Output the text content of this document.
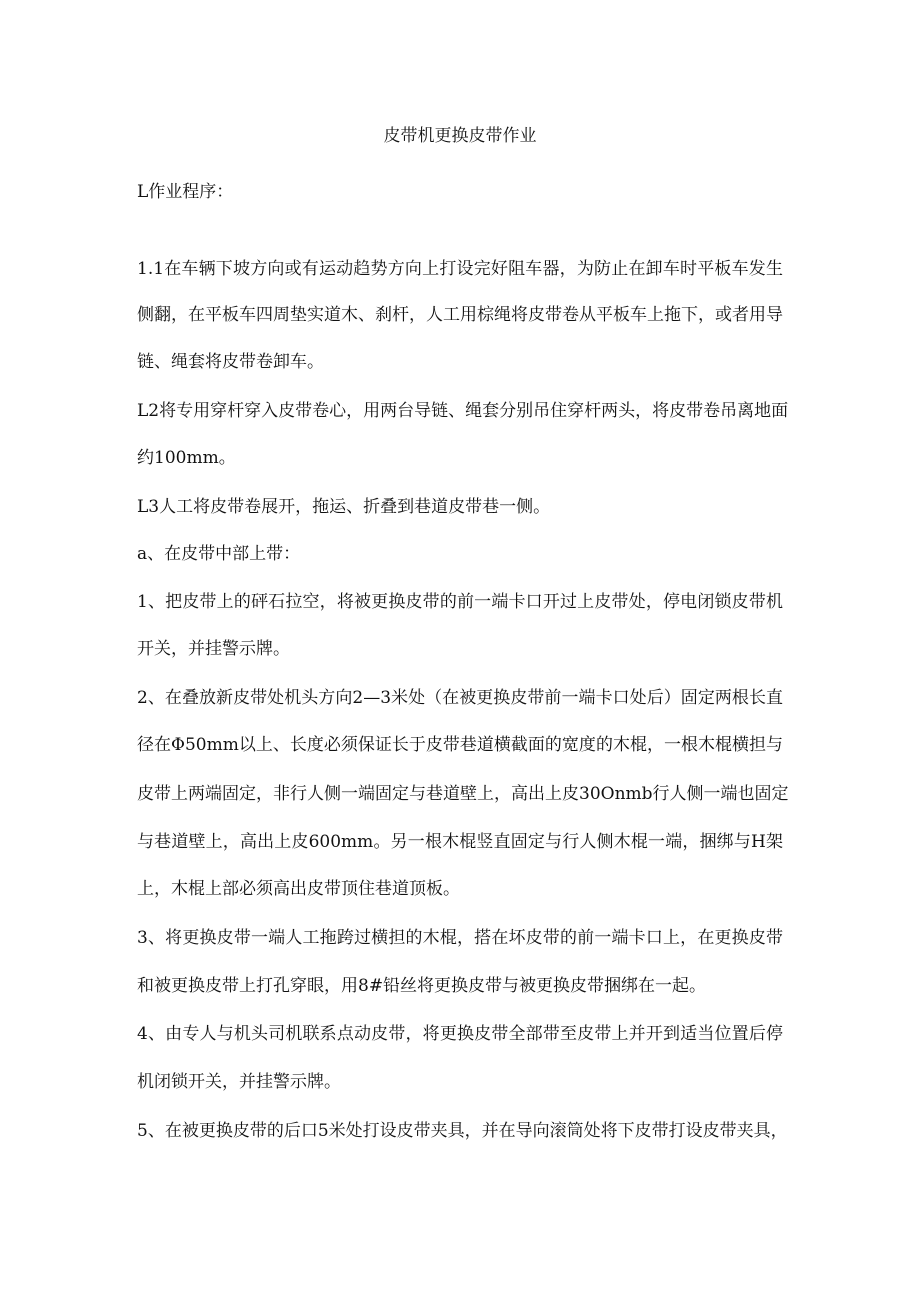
皮带机更换皮带作业
L作业程序：
1.1在车辆下坡方向或有运动趋势方向上打设完好阻车器，为防止在卸车时平板车发生
侧翻，在平板车四周垫实道木、刹杆，人工用棕绳将皮带卷从平板车上拖下，或者用导
链、绳套将皮带卷卸车。
L2将专用穿杆穿入皮带卷心，用两台导链、绳套分别吊住穿杆两头，将皮带卷吊离地面
约100mm。
L3人工将皮带卷展开，拖运、折叠到巷道皮带巷一侧。
a、在皮带中部上带：
1、把皮带上的砰石拉空，将被更换皮带的前一端卡口开过上皮带处，停电闭锁皮带机
开关，并挂警示牌。
2、在叠放新皮带处机头方向2—3米处（在被更换皮带前一端卡口处后）固定两根长直
径在Φ50mm以上、长度必须保证长于皮带巷道横截面的宽度的木棍，一根木棍横担与
皮带上两端固定，非行人侧一端固定与巷道壁上，高出上皮30Onmb行人侧一端也固定
与巷道壁上，高出上皮600mm。另一根木棍竖直固定与行人侧木棍一端，捆绑与H架
上，木棍上部必须高出皮带顶住巷道顶板。
3、将更换皮带一端人工拖跨过横担的木棍，搭在坏皮带的前一端卡口上，在更换皮带
和被更换皮带上打孔穿眼，用8#铅丝将更换皮带与被更换皮带捆绑在一起。
4、由专人与机头司机联系点动皮带，将更换皮带全部带至皮带上并开到适当位置后停
机闭锁开关，并挂警示牌。
5、在被更换皮带的后口5米处打设皮带夹具，并在导向滚筒处将下皮带打设皮带夹具，
